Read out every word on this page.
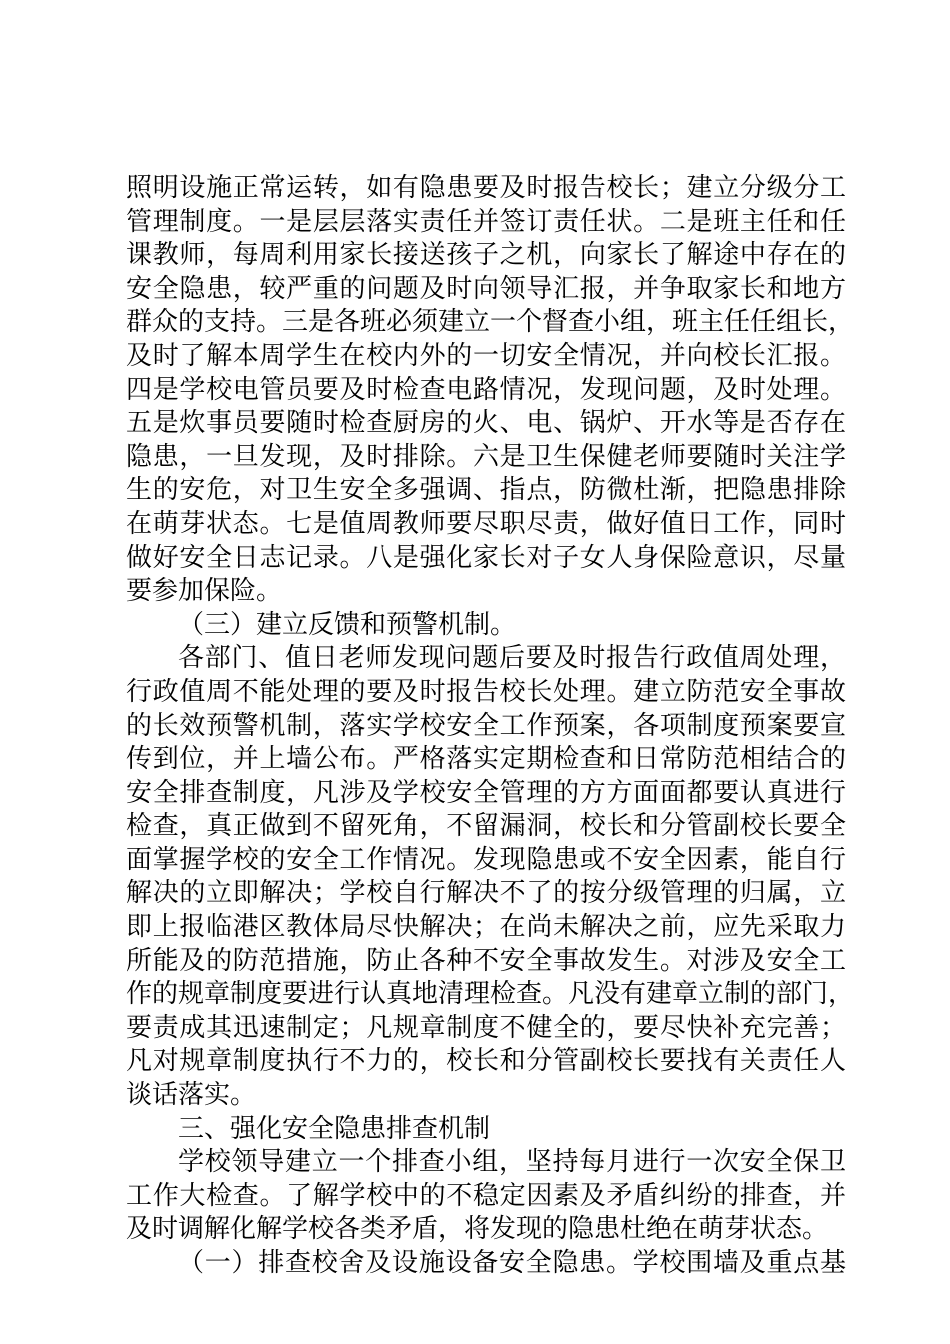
照明设施正常运转，如有隐患要及时报告校长；建立分级分工
管理制度。一是层层落实责任并签订责任状。二是班主任和任
课教师，每周利用家长接送孩子之机，向家长了解途中存在的
安全隐患，较严重的问题及时向领导汇报，并争取家长和地方
群众的支持。三是各班必须建立一个督查小组，班主任任组长，
及时了解本周学生在校内外的一切安全情况，并向校长汇报。
四是学校电管员要及时检查电路情况，发现问题，及时处理。
五是炊事员要随时检查厨房的火、电、锅炉、开水等是否存在
隐患，一旦发现，及时排除。六是卫生保健老师要随时关注学
生的安危，对卫生安全多强调、指点，防微杜渐，把隐患排除
在萌芽状态。七是值周教师要尽职尽责，做好值日工作，同时
做好安全日志记录。八是强化家长对子女人身保险意识，尽量
要参加保险。
（三）建立反馈和预警机制。
各部门、值日老师发现问题后要及时报告行政值周处理，
行政值周不能处理的要及时报告校长处理。建立防范安全事故
的长效预警机制，落实学校安全工作预案，各项制度预案要宣
传到位，并上墙公布。严格落实定期检查和日常防范相结合的
安全排查制度，凡涉及学校安全管理的方方面面都要认真进行
检查，真正做到不留死角，不留漏洞，校长和分管副校长要全
面掌握学校的安全工作情况。发现隐患或不安全因素，能自行
解决的立即解决；学校自行解决不了的按分级管理的归属，立
即上报临港区教体局尽快解决；在尚未解决之前，应先采取力
所能及的防范措施，防止各种不安全事故发生。对涉及安全工
作的规章制度要进行认真地清理检查。凡没有建章立制的部门，
要责成其迅速制定；凡规章制度不健全的，要尽快补充完善；
凡对规章制度执行不力的，校长和分管副校长要找有关责任人
谈话落实。
三、强化安全隐患排查机制
学校领导建立一个排查小组，坚持每月进行一次安全保卫
工作大检查。了解学校中的不稳定因素及矛盾纠纷的排查，并
及时调解化解学校各类矛盾，将发现的隐患杜绝在萌芽状态。
（一）排查校舍及设施设备安全隐患。学校围墙及重点基
